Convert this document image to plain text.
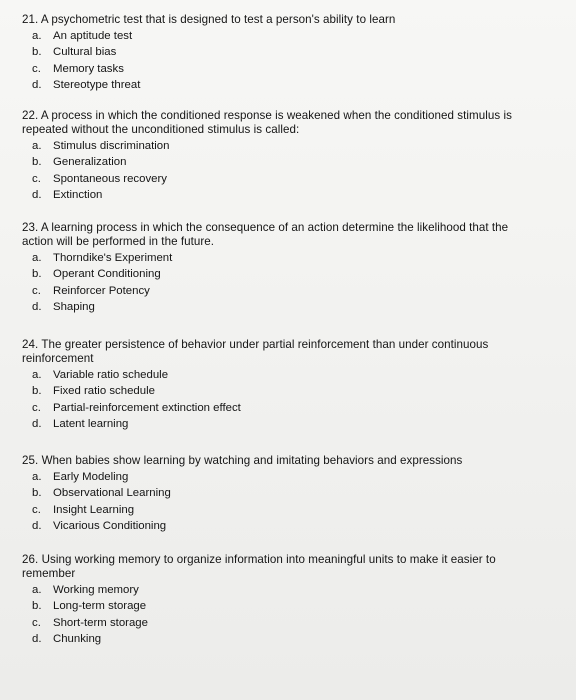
21. A psychometric test that is designed to test a person's ability to learn

a. An aptitude test
b. Cultural bias
c. Memory tasks
d. Stereotype threat

22. A process in which the conditioned response is weakened when the conditioned stimulus is repeated without the unconditioned stimulus is called:

a. Stimulus discrimination
b. Generalization
c. Spontaneous recovery
d. Extinction

23. A learning process in which the consequence of an action determine the likelihood that the action will be performed in the future.

a. Thorndike's Experiment
b. Operant Conditioning
c. Reinforcer Potency
d. Shaping

24. The greater persistence of behavior under partial reinforcement than under continuous reinforcement

a. Variable ratio schedule
b. Fixed ratio schedule
c. Partial-reinforcement extinction effect
d. Latent learning

25. When babies show learning by watching and imitating behaviors and expressions

a. Early Modeling
b. Observational Learning
c. Insight Learning
d. Vicarious Conditioning

26. Using working memory to organize information into meaningful units to make it easier to remember

a. Working memory
b. Long-term storage
c. Short-term storage
d. Chunking
